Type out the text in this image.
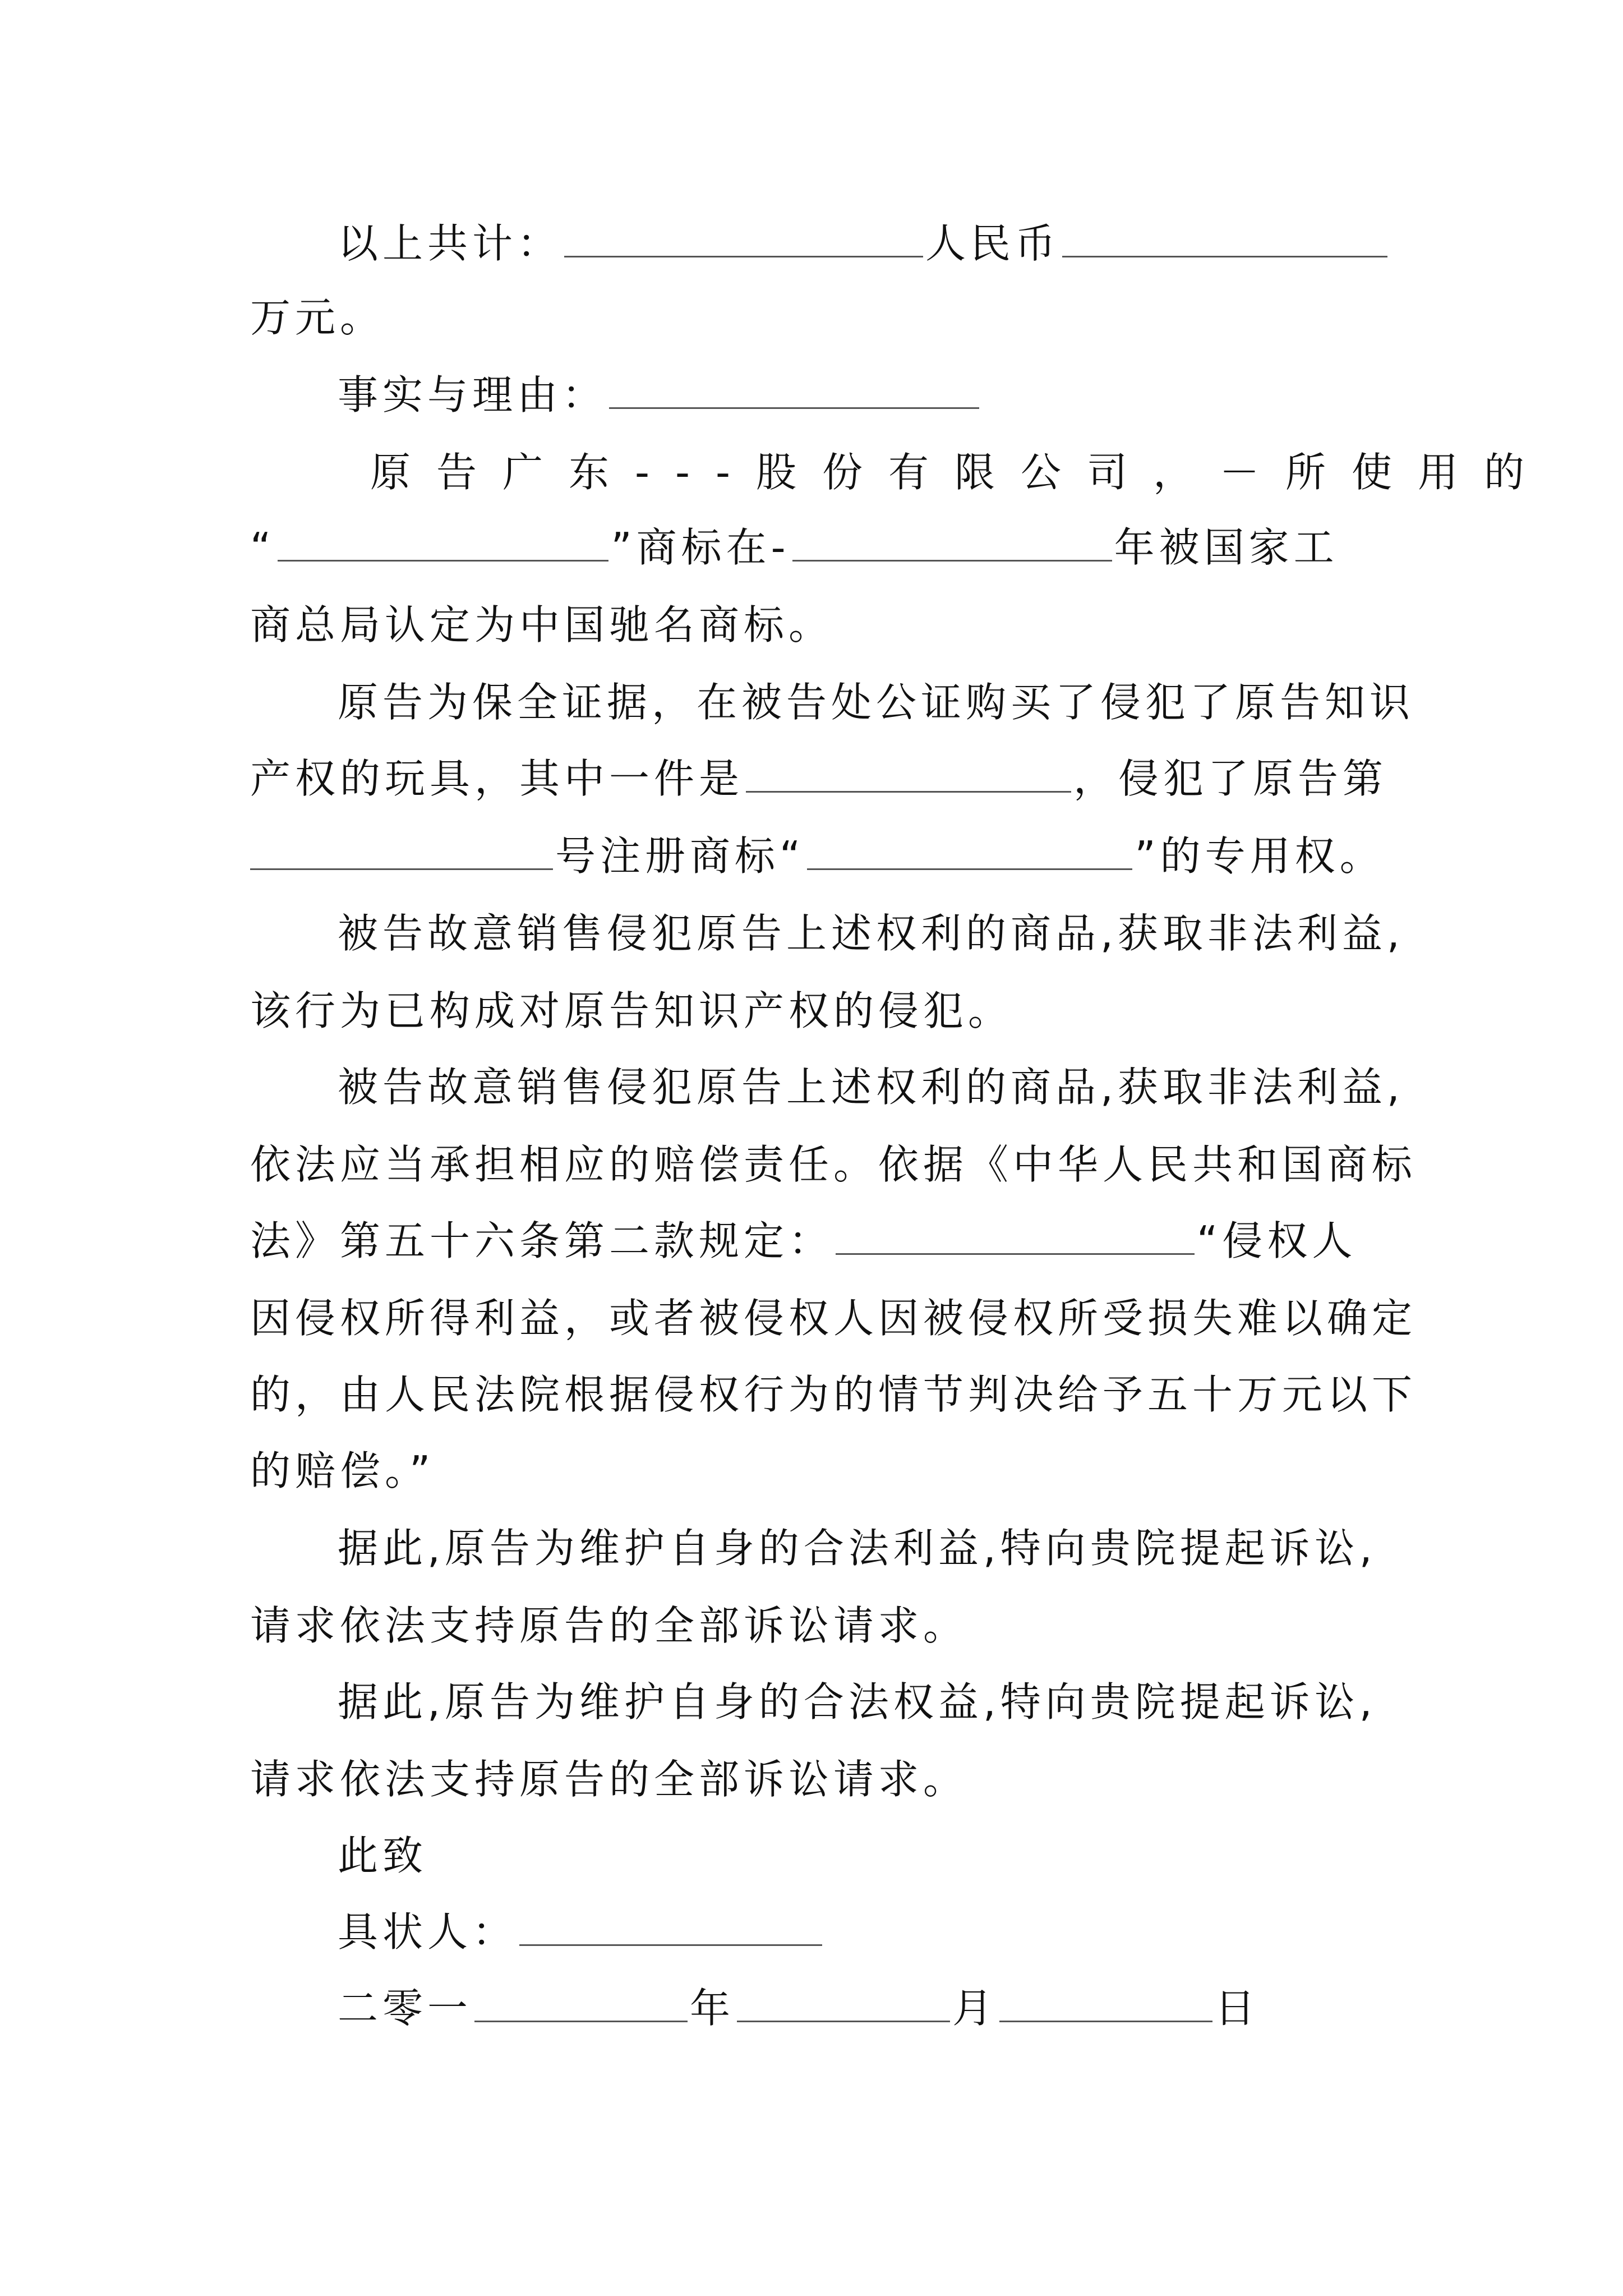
以上共计：	人民币
万元。
事实与理由：
原告广东---股份有限公司，－所使用的
“	”商标在-	年被国家工
商总局认定为中国驰名商标。
原告为保全证据，在被告处公证购买了侵犯了原告知识
产权的玩具，其中一件是	，侵犯了原告第
号注册商标“	”的专用权。
被告故意销售侵犯原告上述权利的商品,获取非法利益,
该行为已构成对原告知识产权的侵犯。
被告故意销售侵犯原告上述权利的商品,获取非法利益,
依法应当承担相应的赔偿责任。依据《中华人民共和国商标
法》第五十六条第二款规定：	“侵权人
因侵权所得利益，或者被侵权人因被侵权所受损失难以确定
的，由人民法院根据侵权行为的情节判决给予五十万元以下
的赔偿。”
据此,原告为维护自身的合法利益,特向贵院提起诉讼,
请求依法支持原告的全部诉讼请求。
据此,原告为维护自身的合法权益,特向贵院提起诉讼,
请求依法支持原告的全部诉讼请求。
此致
具状人：
二零一	年	月	日
